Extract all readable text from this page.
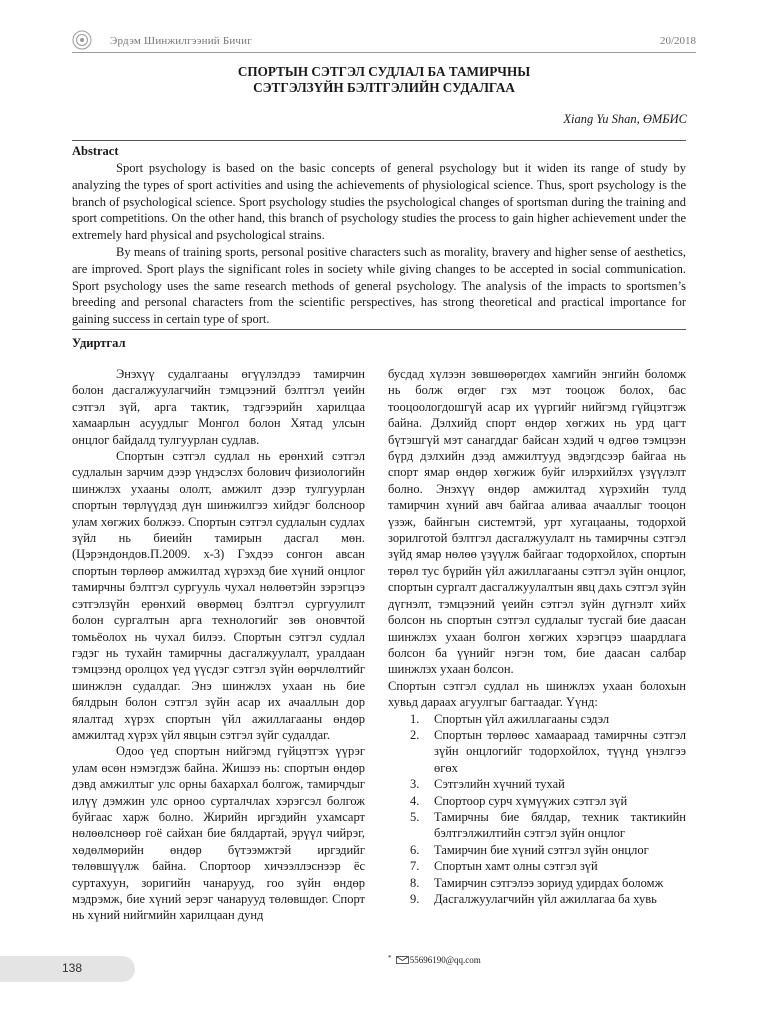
Эрдэм Шинжилгээний Бичиг	20/2018
СПОРТЫН СЭТГЭЛ СУДЛАЛ БА ТАМИРЧНЫ
СЭТГЭЛЗҮЙН БЭЛТГЭЛИЙН СУДАЛГАА
Xiang Yu Shan, ӨМБИС
Abstract

Sport psychology is based on the basic concepts of general psychology but it widen its range of study by analyzing the types of sport activities and using the achievements of physiological science. Thus, sport psychology is the branch of psychological science. Sport psychology studies the psychological changes of sportsman during the training and sport competitions. On the other hand, this branch of psychology studies the process to gain higher achievement under the extremely hard physical and psychological strains.

By means of training sports, personal positive characters such as morality, bravery and higher sense of aesthetics, are improved. Sport plays the significant roles in society while giving changes to be accepted in social communication. Sport psychology uses the same research methods of general psychology. The analysis of the impacts to sportsmen’s breeding and personal characters from the scientific perspectives, has strong theoretical and practical importance for gaining success in certain type of sport.

Удиртгал

Энэхүү судалгааны өгүүлэлдээ тамирчин болон дасгалжуулагчийн тэмцээний бэлтгэл үеийн сэтгэл зүй, арга тактик, тэдгээрийн харилцаа хамаарлын асуудлыг Монгол болон Хятад улсын онцлог байдалд тулгуурлан судлав.

Спортын сэтгэл судлал нь ерөнхий сэтгэл судлалын зарчим дээр үндэслэх болович физиологийн шинжлэх ухааны ололт, амжилт дээр тулгуурлан спортын төрлүүдэд дүн шинжилгээ хийдэг болсноор улам хөгжих болжээ. Спортын сэтгэл судлалын судлах зүйл нь биеийн тамирын дасгал мөн. (Цэрэндондов.П.2009. х-3) Гэхдээ сонгон авсан спортын төрлөөр амжилтад хүрэхэд бие хүний онцлог тамирчны бэлтгэл сургууль чухал нөлөөтэйн зэрэгцээ сэтгэлзүйн ерөнхий өвөрмөц бэлтгэл сургуулилт болон сургалтын арга технологийг зөв оновчтой томьёолох нь чухал билээ. Спортын сэтгэл судлал гэдэг нь тухайн тамирчны дасгалжуулалт, уралдаан тэмцээнд оролцох үед үүсдэг сэтгэл зүйн өөрчлөлтийг шинжлэн судалдаг. Энэ шинжлэх ухаан нь бие бялдрын болон сэтгэл зүйн асар их ачааллын дор ялалтад хүрэх спортын үйл ажиллагааны өндөр амжилтад хүрэх үйл явцын сэтгэл зүйг судалдаг.

Одоо үед спортын нийгэмд гүйцэтгэх үүрэг улам өсөн нэмэгдэж байна. Жишээ нь: спортын өндөр дэвд амжилтыг улс орны бахархал болгож, тамирчдыг илүү дэмжин улс орноо сурталчлах хэрэгсэл болгож буйгаас харж болно. Жирийн иргэдийн ухамсарт нөлөөлснөөр гоё сайхан бие бялдартай, эрүүл чийрэг, хөдөлмөрийн өндөр бүтээмжтэй иргэдийг төлөвшүүлж байна. Спортоор хичээллэснээр ёс суртахуун, зоригийн чанарууд, гоо зүйн өндөр мэдрэмж, бие хүний эерэг чанарууд төлөвшдөг. Спорт нь хүний нийгмийн харилцаан дунд

бусдад хүлээн зөвшөөрөгдөх хамгийн энгийн боломж нь болж өгдөг гэх мэт тооцож болох, бас тооцоологдошгүй асар их үүргийг нийгэмд гүйцэтгэж байна. Дэлхийд спорт өндөр хөгжих нь урд цагт бүтэшгүй мэт санагддаг байсан хэдий ч өдгөө тэмцээн бүрд дэлхийн дээд амжилтууд эвдэгдсээр байгаа нь спорт ямар өндөр хөгжиж буйг илэрхийлэх үзүүлэлт болно. Энэхүү өндөр амжилтад хүрэхийн тулд тамирчин хүний авч байгаа аливаа ачааллыг тооцон үзэж, байнгын системтэй, урт хугацааны, тодорхой зорилготой бэлтгэл дасгалжуулалт нь тамирчны сэтгэл зүйд ямар нөлөө үзүүлж байгааг тодорхойлох, спортын төрөл тус бүрийн үйл ажиллагааны сэтгэл зүйн онцлог, спортын сургалт дасгалжуулалтын явц дахь сэтгэл зүйн дүгнэлт, тэмцээний үеийн сэтгэл зүйн дүгнэлт хийх болсон нь спортын сэтгэл судлалыг тусгай бие даасан шинжлэх ухаан болгон хөгжих хэрэгцээ шаардлага болсон ба үүнийг нэгэн том, бие даасан салбар шинжлэх ухаан болсон.

Спортын сэтгэл судлал нь шинжлэх ухаан болохын хувьд дараах агуулгыг багтаадаг. Үүнд:

1.	Спортын үйл ажиллагааны сэдэл
2.	Спортын төрлөөс хамаараад тамирчны сэтгэл зүйн онцлогийг тодорхойлох, түүнд үнэлгээ өгөх
3.	Сэтгэлийн хүчний тухай
4.	Спортоор сурч хүмүүжих сэтгэл зүй
5.	Тамирчны бие бялдар, техник тактикийн бэлтгэлжилтийн сэтгэл зүйн онцлог
6.	Тамирчин бие хүний сэтгэл зүйн онцлог
7.	Спортын хамт олны сэтгэл зүй
8.	Тамирчин сэтгэлээ зориуд удирдах боломж
9.	Дасгалжуулагчийн үйл ажиллагаа ба хувь
138
* 55696190@qq.com
